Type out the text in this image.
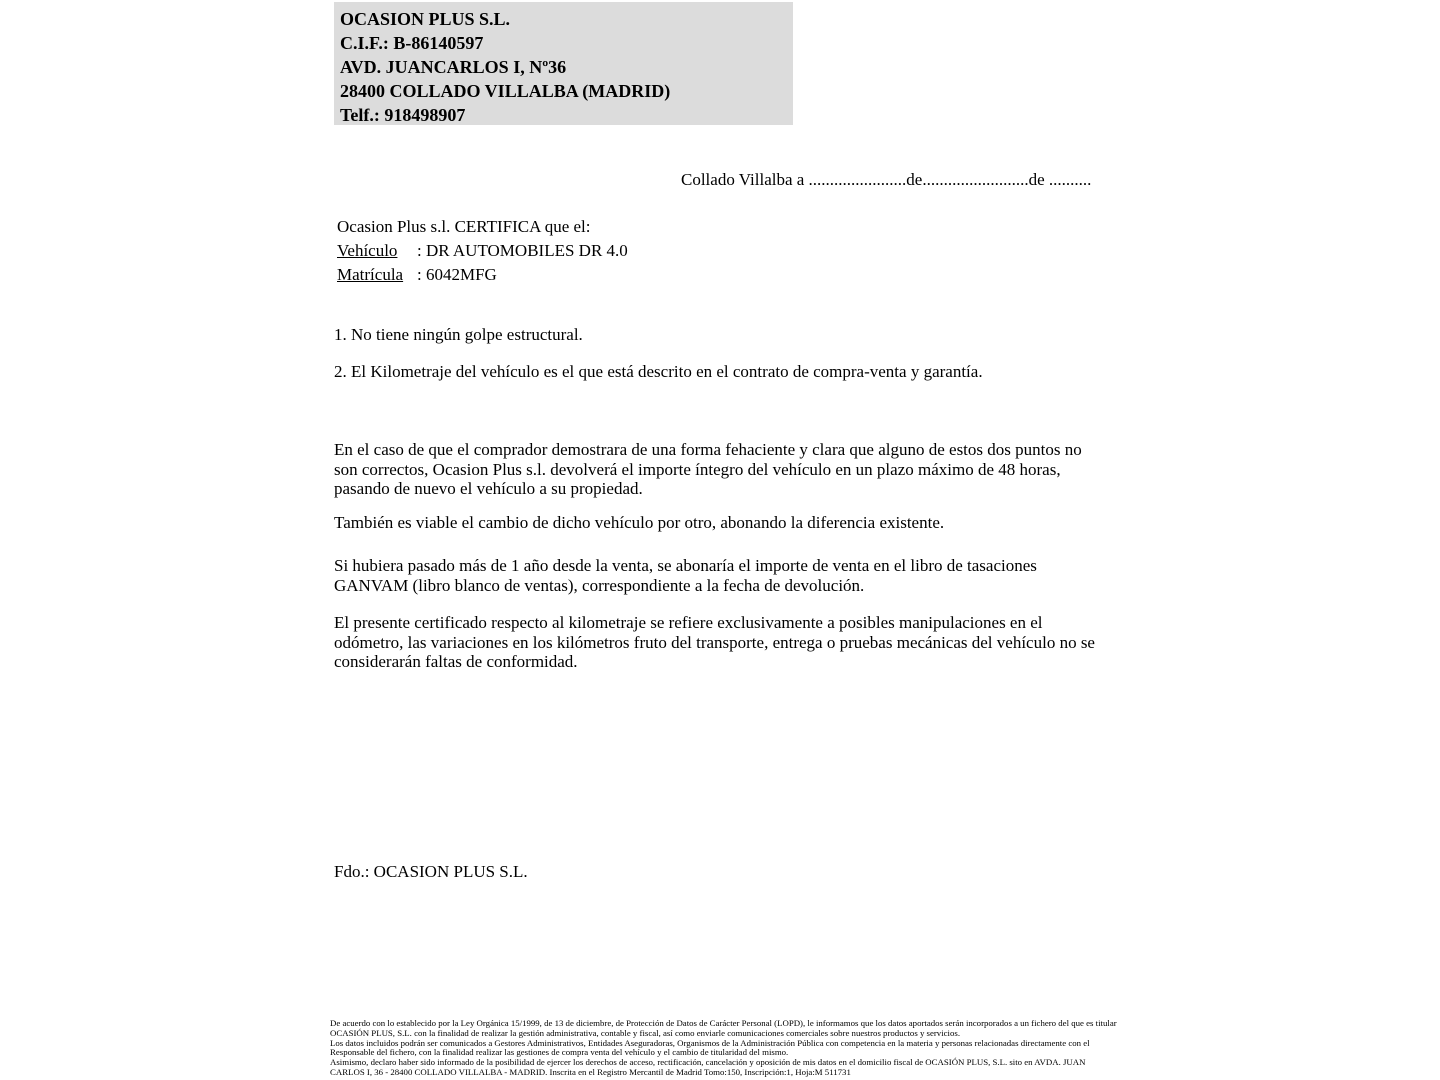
OCASION PLUS S.L.
C.I.F.: B-86140597
AVD. JUANCARLOS I, Nº36
28400 COLLADO VILLALBA (MADRID)
Telf.: 918498907
Collado Villalba a .......................de.........................de ..........
Ocasion Plus s.l. CERTIFICA que el:
Vehículo	: DR AUTOMOBILES DR 4.0
Matrícula : 6042MFG
1. No tiene ningún golpe estructural.
2. El Kilometraje del vehículo es el que está descrito en el contrato de compra-venta y garantía.
En el caso de que el comprador demostrara de una forma fehaciente y clara que alguno de estos dos puntos no son correctos, Ocasion Plus s.l. devolverá el importe íntegro del vehículo en un plazo máximo de 48 horas, pasando de nuevo el vehículo a su propiedad.
También es viable el cambio de dicho vehículo por otro, abonando la diferencia existente.
Si hubiera pasado más de 1 año desde la venta, se abonaría el importe de venta en el libro de tasaciones GANVAM (libro blanco de ventas), correspondiente a la fecha de devolución.
El presente certificado respecto al kilometraje se refiere exclusivamente a posibles manipulaciones en el odómetro, las variaciones en los kilómetros fruto del transporte, entrega o pruebas mecánicas del vehículo no se considerarán faltas de conformidad.
Fdo.: OCASION PLUS S.L.
De acuerdo con lo establecido por la Ley Orgánica 15/1999, de 13 de diciembre, de Protección de Datos de Carácter Personal (LOPD), le informamos que los datos aportados serán incorporados a un fichero del que es titular
OCASIÓN PLUS, S.L. con la finalidad de realizar la gestión administrativa, contable y fiscal, así como enviarle comunicaciones comerciales sobre nuestros productos y servicios.
Los datos incluidos podrán ser comunicados a Gestores Administrativos, Entidades Aseguradoras, Organismos de la Administración Pública con competencia en la materia y personas relacionadas directamente con el
Responsable del fichero, con la finalidad realizar las gestiones de compra venta del vehículo y el cambio de titularidad del mismo.
Asimismo, declaro haber sido informado de la posibilidad de ejercer los derechos de acceso, rectificación, cancelación y oposición de mis datos en el domicilio fiscal de OCASIÓN PLUS, S.L. sito en AVDA. JUAN
CARLOS I, 36 - 28400 COLLADO VILLALBA - MADRID. Inscrita en el Registro Mercantil de Madrid Tomo:150, Inscripción:1, Hoja:M 511731
